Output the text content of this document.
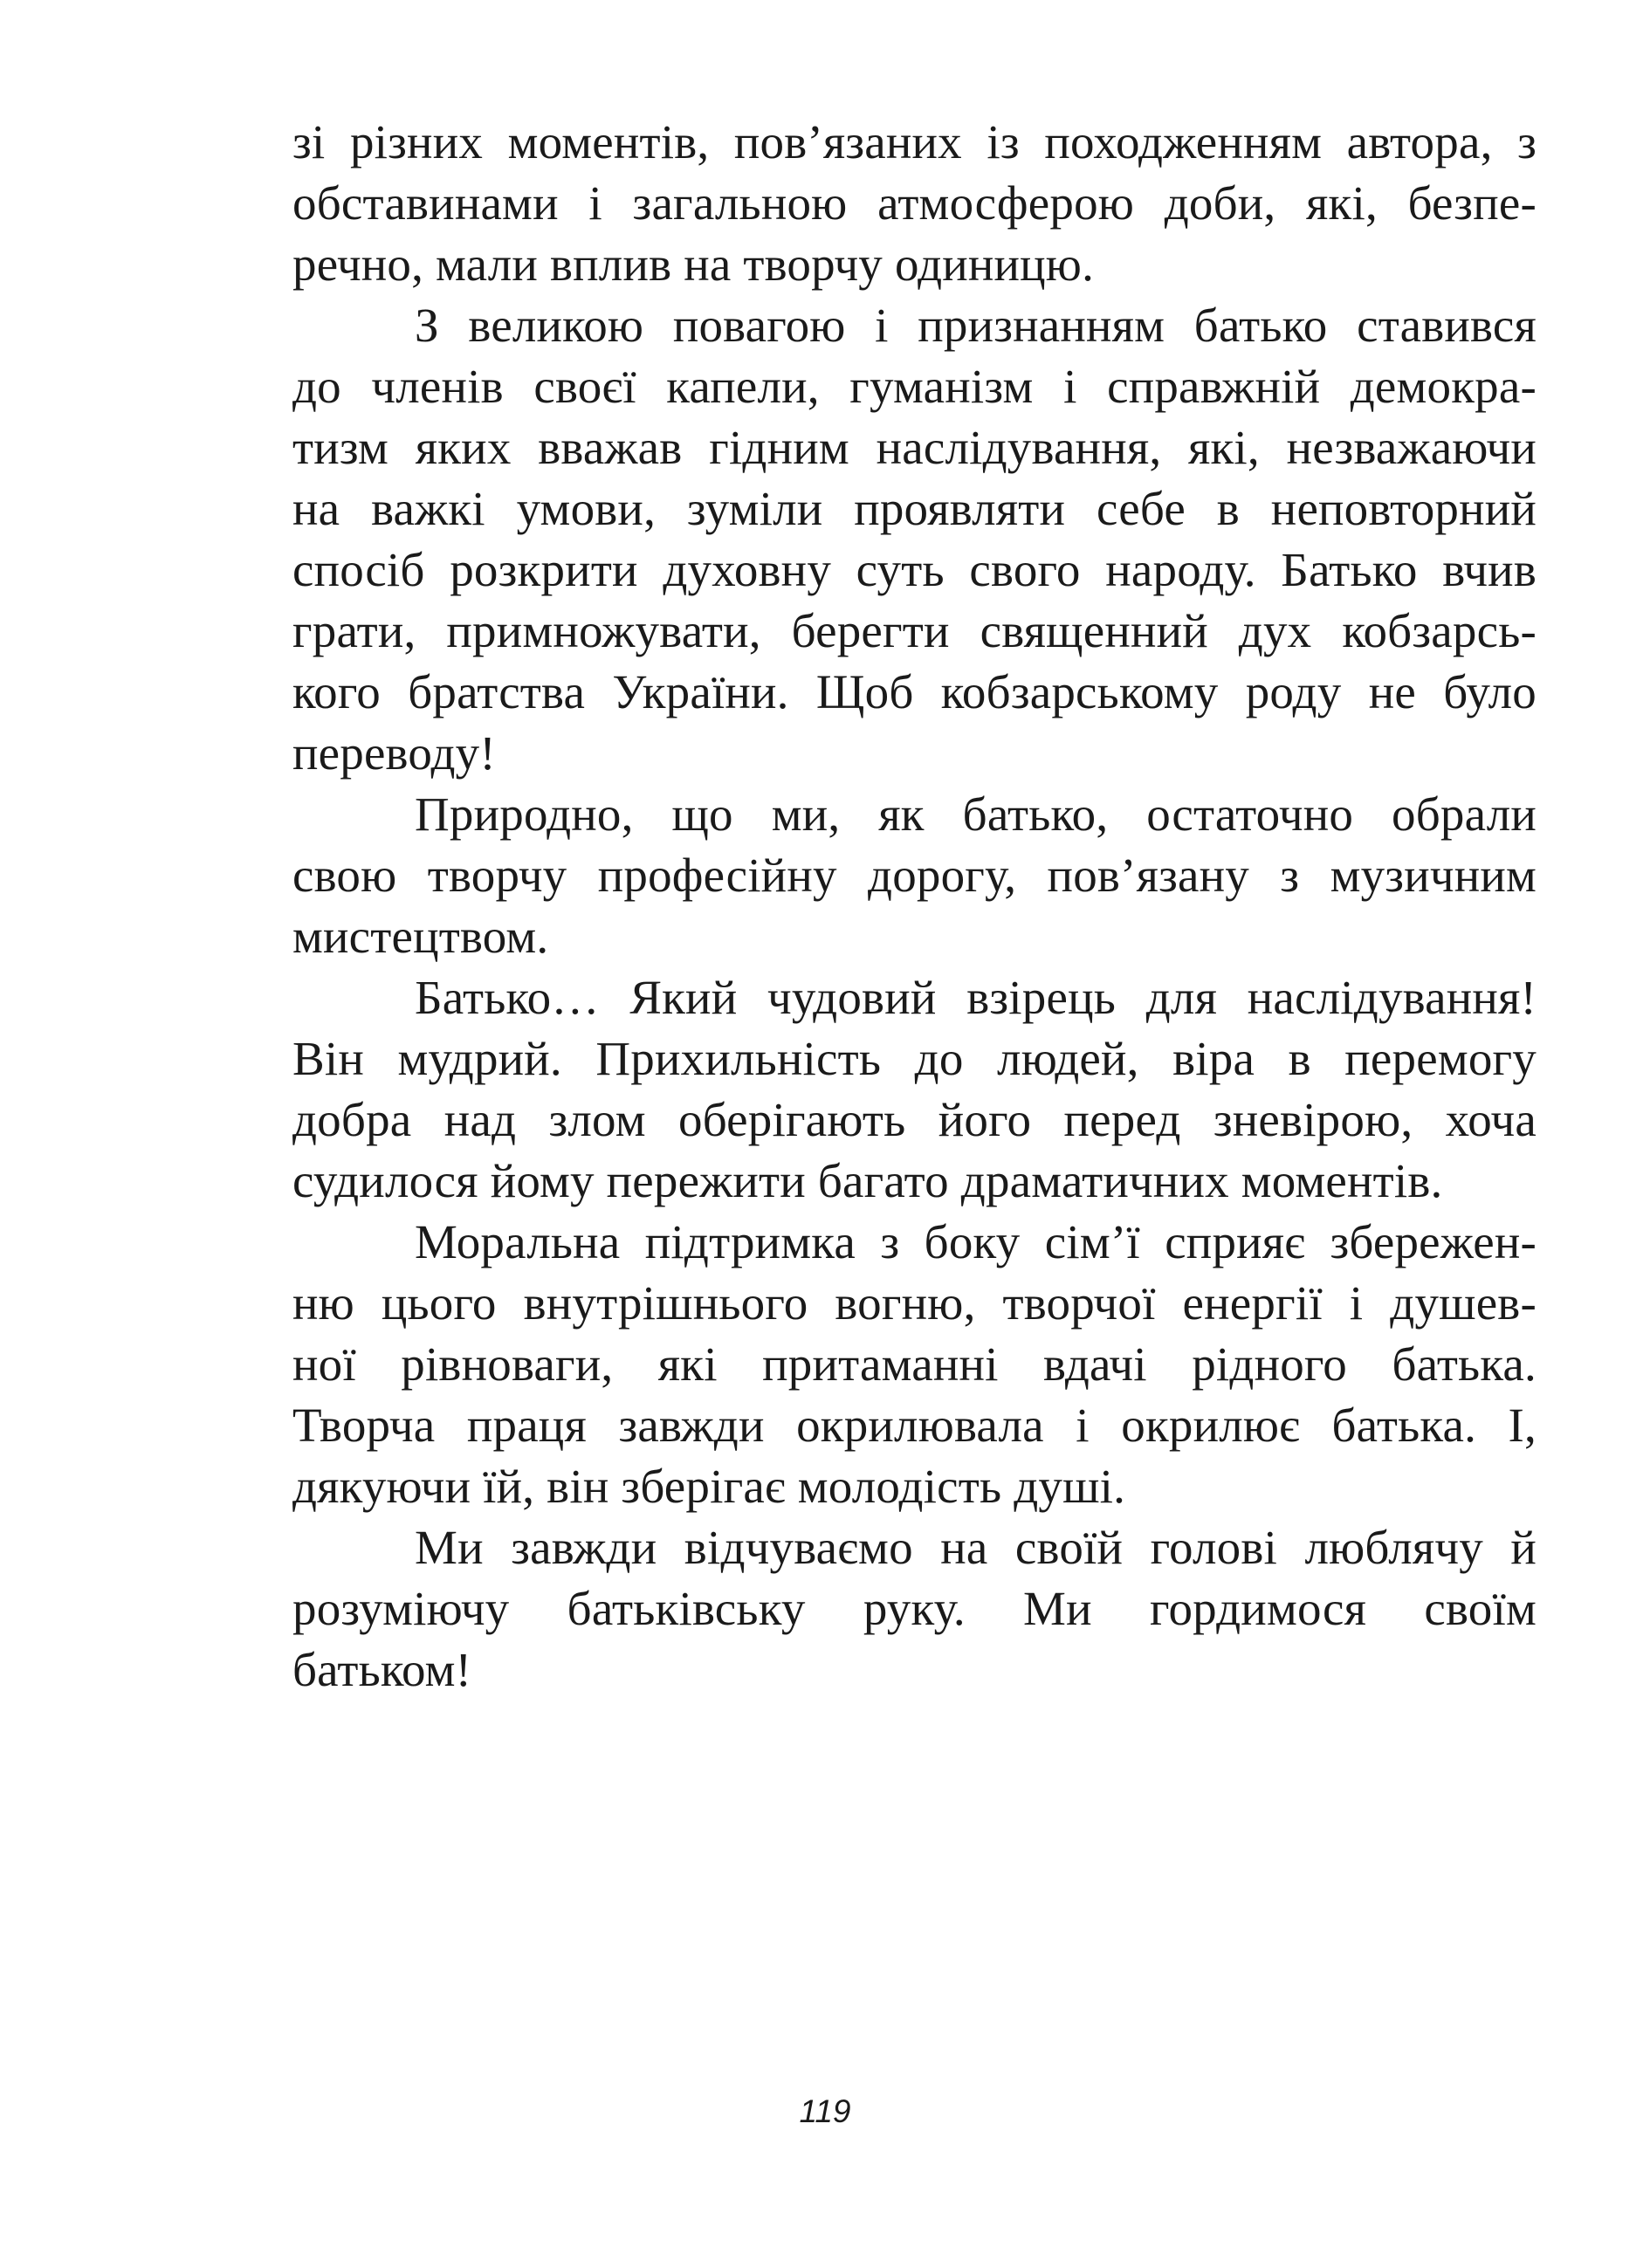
зі різних моментів, пов’язаних із походженням автора, з
обставинами і загальною атмосферою доби, які, безпе-
речно, мали вплив на творчу одиницю.
З великою повагою і признанням батько ставився
до членів своєї капели, гуманізм і справжній демокра-
тизм яких вважав гідним наслідування, які, незважаючи
на важкі умови, зуміли проявляти себе в неповторний
спосіб розкрити духовну суть свого народу. Батько вчив
грати, примножувати, берегти священний дух кобзарсь-
кого братства України. Щоб кобзарському роду не було
переводу!
Природно, що ми, як батько, остаточно обрали
свою творчу професійну дорогу, пов’язану з музичним
мистецтвом.
Батько… Який чудовий взірець для наслідування!
Він мудрий. Прихильність до людей, віра в перемогу
добра над злом оберігають його перед зневірою, хоча
судилося йому пережити багато драматичних моментів.
Моральна підтримка з боку сім’ї сприяє збережен-
ню цього внутрішнього вогню, творчої енергії і душев-
ної рівноваги, які притаманні вдачі рідного батька.
Творча праця завжди окрилювала і окрилює батька. І,
дякуючи їй, він зберігає молодість душі.
Ми завжди відчуваємо на своїй голові люблячу й
розуміючу батьківську руку. Ми гордимося своїм
батьком!
119
